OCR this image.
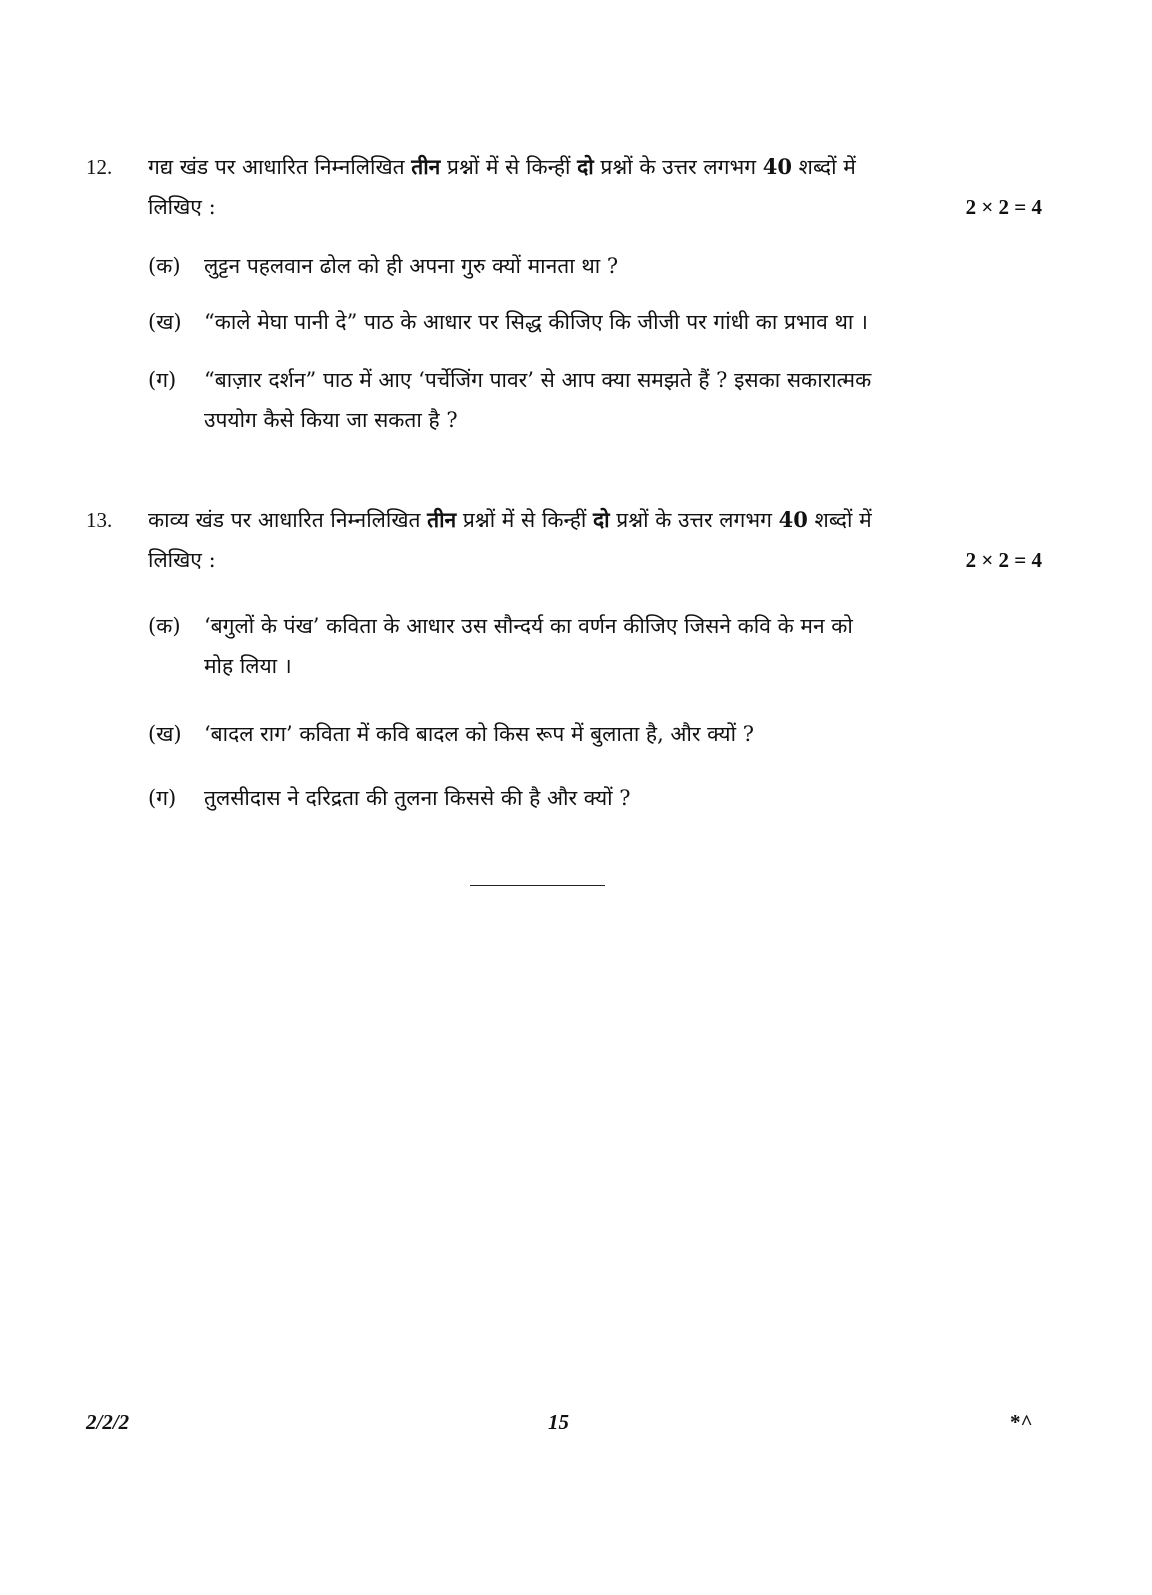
12. गद्य खंड पर आधारित निम्नलिखित तीन प्रश्नों में से किन्हीं दो प्रश्नों के उत्तर लगभग 40 शब्दों में
लिखिए :	2 × 2 = 4
(क) लुट्टन पहलवान ढोल को ही अपना गुरु क्यों मानता था ?
(ख) “काले मेघा पानी दे” पाठ के आधार पर सिद्ध कीजिए कि जीजी पर गांधी का प्रभाव था ।
(ग) “बाज़ार दर्शन” पाठ में आए ‘पर्चेजिंग पावर’ से आप क्या समझते हैं ? इसका सकारात्मक
उपयोग कैसे किया जा सकता है ?
13. काव्य खंड पर आधारित निम्नलिखित तीन प्रश्नों में से किन्हीं दो प्रश्नों के उत्तर लगभग 40 शब्दों में
लिखिए :	2 × 2 = 4
(क) ‘बगुलों के पंख’ कविता के आधार उस सौन्दर्य का वर्णन कीजिए जिसने कवि के मन को
मोह लिया ।
(ख) ‘बादल राग’ कविता में कवि बादल को किस रूप में बुलाता है, और क्यों ?
(ग) तुलसीदास ने दरिद्रता की तुलना किससे की है और क्यों ?
2/2/2	15	*^
